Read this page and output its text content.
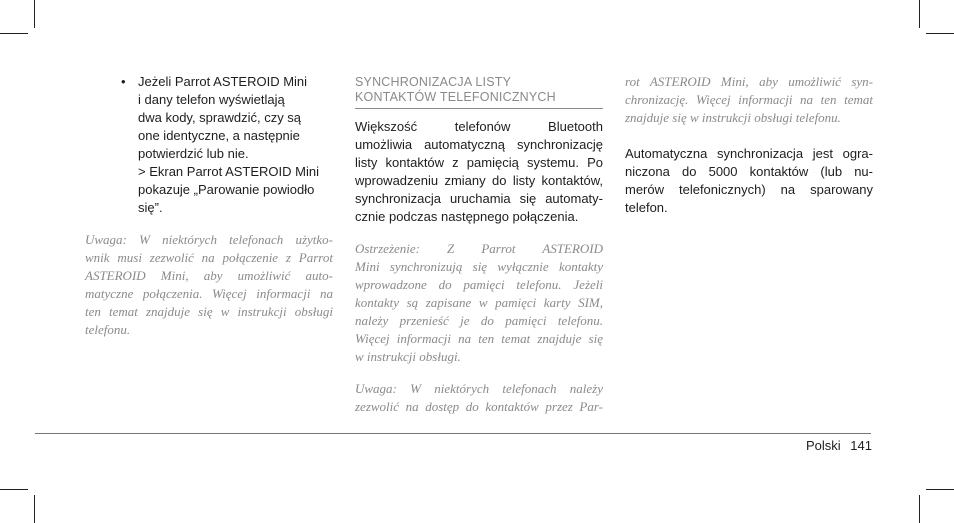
• Jeżeli Parrot ASTEROID Mini
i dany telefon wyświetlają
dwa kody, sprawdzić, czy są
one identyczne, a następnie
potwierdzić lub nie.
> Ekran Parrot ASTEROID Mini
pokazuje „Parowanie powiodło
się”.
Uwaga: W niektórych telefonach użytko-
wnik musi zezwolić na połączenie z Parrot
ASTEROID Mini, aby umożliwić auto-
matyczne połączenia. Więcej informacji na
ten temat znajduje się w instrukcji obsługi
telefonu.
SYNCHRONIZACJA LISTY
KONTAKTÓW TELEFONICZNYCH
Większość telefonów Bluetooth
umożliwia automatyczną synchronizację
listy kontaktów z pamięcią systemu. Po
wprowadzeniu zmiany do listy kontaktów,
synchronizacja uruchamia się automaty-
cznie podczas następnego połączenia.
Ostrzeżenie: Z Parrot ASTEROID
Mini synchronizują się wyłącznie kontakty
wprowadzone do pamięci telefonu. Jeżeli
kontakty są zapisane w pamięci karty SIM,
należy przenieść je do pamięci telefonu.
Więcej informacji na ten temat znajduje się
w instrukcji obsługi.
Uwaga: W niektórych telefonach należy
zezwolić na dostęp do kontaktów przez Par-
rot ASTEROID Mini, aby umożliwić syn-
chronizację. Więcej informacji na ten temat
znajduje się w instrukcji obsługi telefonu.
Automatyczna synchronizacja jest ogra-
niczona do 5000 kontaktów (lub nu-
merów telefonicznych) na sparowany
telefon.
Polski 141
